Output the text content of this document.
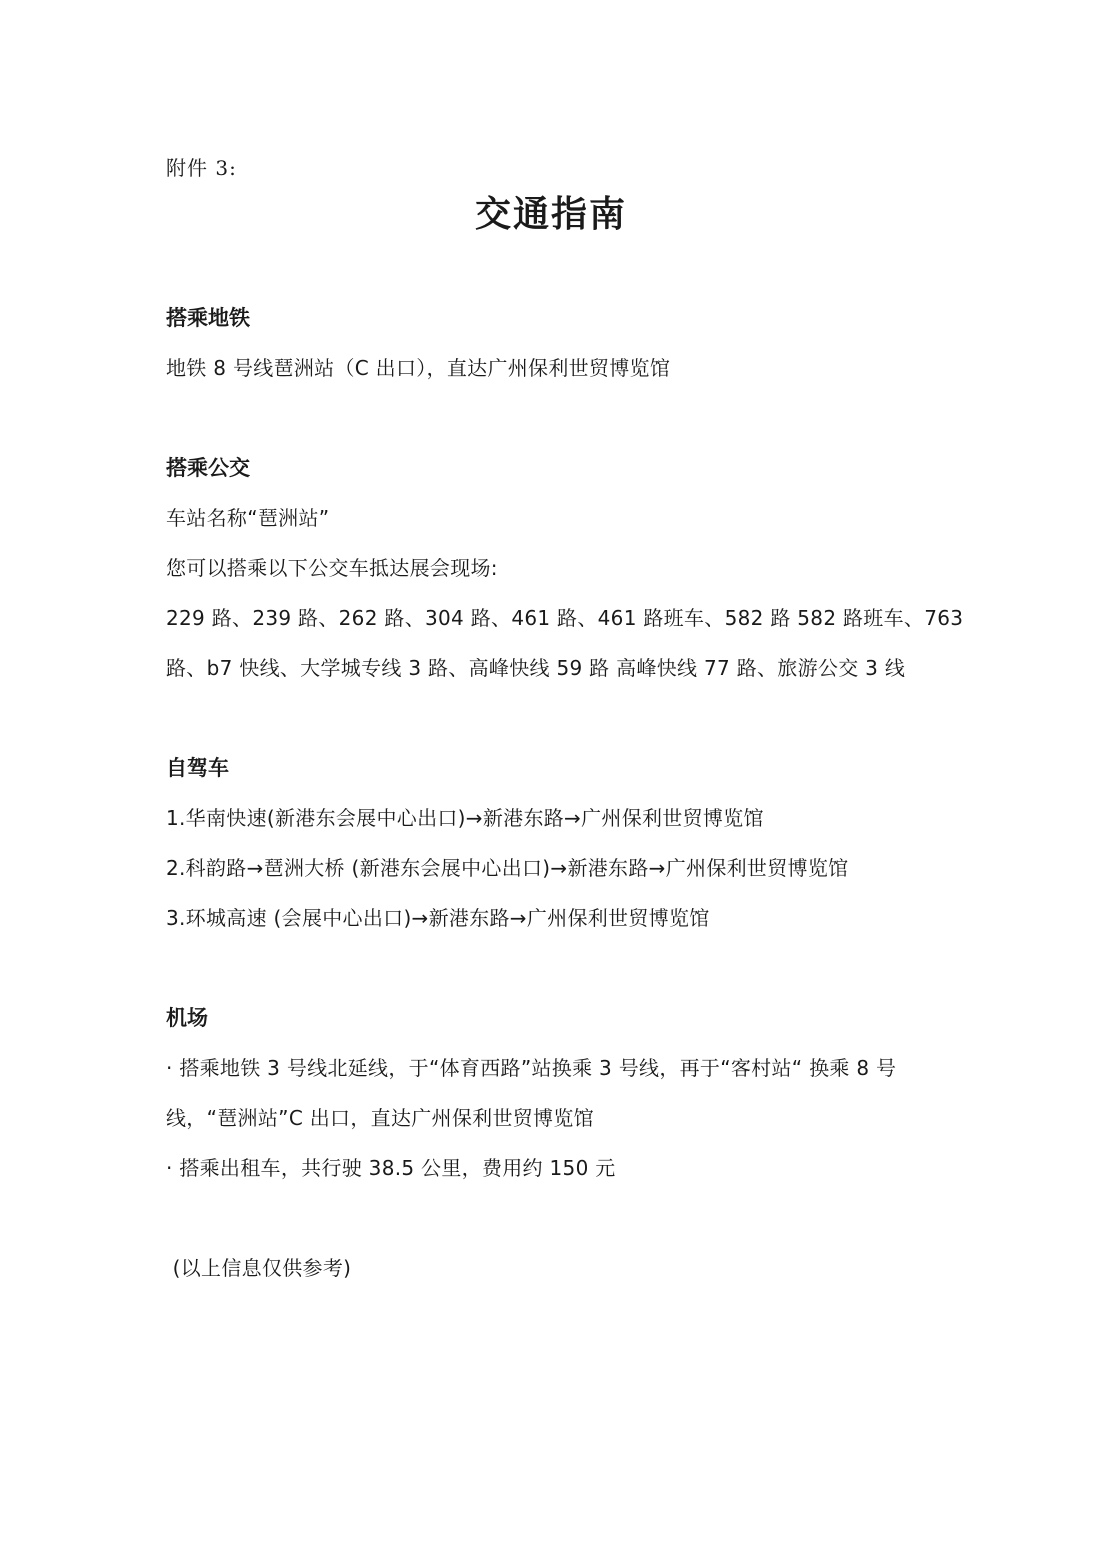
附件 3:
交通指南
搭乘地铁
地铁 8 号线琶洲站（C 出口），直达广州保利世贸博览馆
搭乘公交
车站名称“琶洲站”
您可以搭乘以下公交车抵达展会现场:
229 路、239 路、262 路、304 路、461 路、461 路班车、582 路 582 路班车、763
路、b7 快线、大学城专线 3 路、高峰快线 59 路 高峰快线 77 路、旅游公交 3 线
自驾车
1.华南快速(新港东会展中心出口)→新港东路→广州保利世贸博览馆
2.科韵路→琶洲大桥 (新港东会展中心出口)→新港东路→广州保利世贸博览馆
3.环城高速 (会展中心出口)→新港东路→广州保利世贸博览馆
机场
· 搭乘地铁 3 号线北延线，于“体育西路”站换乘 3 号线，再于“客村站“ 换乘 8 号
线，“琶洲站”C 出口，直达广州保利世贸博览馆
· 搭乘出租车，共行驶 38.5 公里，费用约 150 元
(以上信息仅供参考)
